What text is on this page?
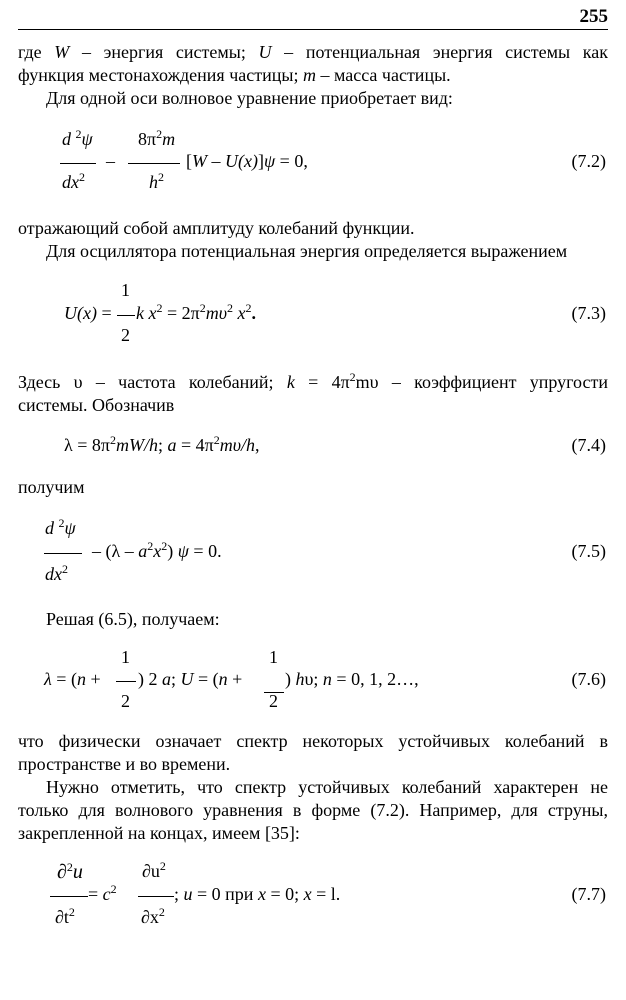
255
где W – энергия системы; U – потенциальная энергия системы как
функция местонахождения частицы; m – масса частицы.
Для одной оси волновое уравнение приобретает вид:
d $^2$ψ
$dx^2$
–
$8\pi^2m$
$h^2$
[W – U(x)]ψ = 0,	(7.2)
отражающий собой амплитуду колебаний функции.
Для осциллятора потенциальная энергия определяется выражением
U(x) =
1
2
k $x^2 = 2\pi^2m\upsilon^2$ $x^2$.	(7.3)
Здесь υ – частота колебаний; $k = 4\pi^2m\upsilon$ – коэффициент упругости
системы. Обозначив
$\lambda = 8\pi^2mW/h$; $a = 4\pi^2m\upsilon/h$,	(7.4)
получим
d $^2$ψ
$dx^2$
– $(\lambda - a^2x^2)$ ψ = 0.	(7.5)
Решая (6.5), получаем:
λ = (n +
1
2
) 2 a; U = (n +
1
2
) hυ; n = 0, 1, 2…,	(7.6)
что физически означает спектр некоторых устойчивых колебаний в
пространстве и во времени.
Нужно отметить, что спектр устойчивых колебаний характерен не
только для волнового уравнения в форме (7.2). Например, для струны,
закрепленной на концах, имеем [35]:
∂$^2$u
$\partial t^2$
= $c^2$
$\partial u^2$
$\partial x^2$
; u = 0 при x = 0; x = l.	(7.7)
